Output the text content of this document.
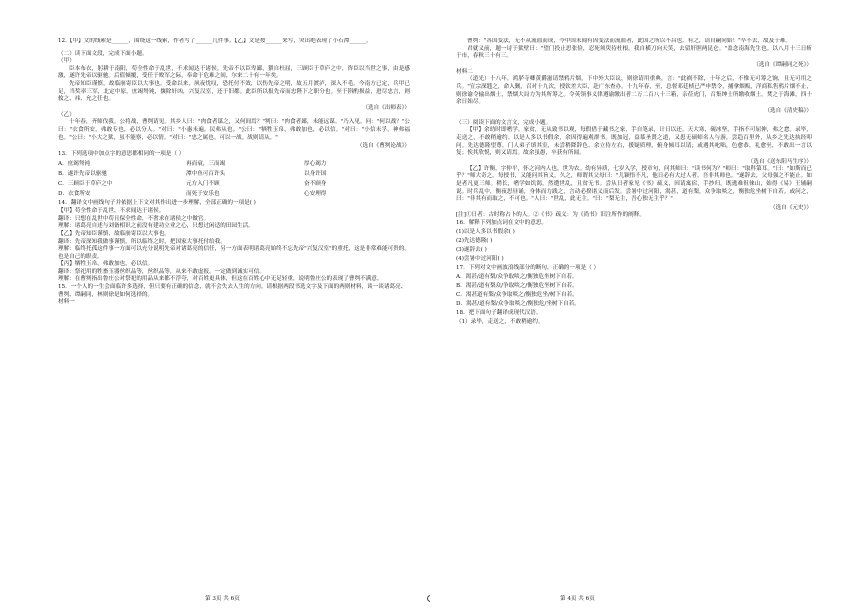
12.【甲】文的线索是______，围绕这一线索，作者写了______几件事。【乙】文是按______来写，突出绝表现了小石潭______。

（二）读下面文段，完成下面小题。

（甲）

臣本布衣，躬耕于南阳，苟全性命于乱世，不求闻达于诸侯。先帝不以臣卑鄙，猥自枉屈，三顾臣于草庐之中，咨臣以当世之事，由是感激，遂许先帝以驱驰。后值倾覆，受任于败军之际，奉命于危难之间，尔来二十有一年矣。

先帝知臣谨慎，故临崩寄臣以大事也。受命以来，夙夜忧叹，恐托付不效，以伤先帝之明，故五月渡泸，深入不毛。今南方已定，兵甲已足，当奖率三军，北定中原，庶竭驽钝，攘除奸凶，兴复汉室，还于旧都。此臣所以报先帝而忠陛下之职分也。至于斟酌损益，进尽忠言，则攸之、祎、允之任也。

（选自《出师表》）

（乙）

十年春，齐师伐我。公将战，曹刿请见。其乡人曰："肉食者谋之，又何间焉？"刿曰："肉食者鄙，未能远谋。"乃入见。问："何以战？"公曰："衣食所安，弗敢专也，必以分人。"对曰："小惠未遍，民弗从也。"公曰："牺牲玉帛，弗敢加也，必以信。"对曰："小信未孚，神弗福也。"公曰："小大之狱，虽不能察，必以情。"对曰："忠之属也。可以一战。战则请从。"

（选自《曹刿论战》）

13．下列选项中加点字的意思都相同的一项是（ ）

A．庶竭驽钝	再而衰，三而竭	厚心竭力
B．遂许先帝以驱驰	潭中鱼可百许头	以身许国
C．三顾臣于草庐之中	元方入门不顾	奋不顾身
D．衣食所安	而死于安乐也	心安理得

14．翻译文中画线句子并依据上下文对其作出进一步理解，全部正确的一项是( )

【甲】苟全性命于乱世，不求闻达于诸侯。

翻译：只想在乱世中苟且保全性命，不奢求在诸侯之中做官。

理解：诸葛亮自述与刘备相识之前没有建功立业之心，只想过闲适的田园生活。

【乙】先帝知臣谨慎，故临崩寄臣以大事也。

翻译：先帝深知我做事谨慎，所以临终之时，把国家大事托付给我。

理解：临终托孤这件事一方面可以充分说明先帝对诸葛亮的信任，另一方面表明诸葛亮始终不忘先帝"兴复汉室"的重托，这是非常难能可贵的。也是自己的职责。

【丙】牺牲玉帛，弗敢加也，必以信。

翻译：祭祀用的牲畜玉器丝织品等，丝织品等，从来不敢虚报，一定做到诚实可信。

理解：在曹刿指出鲁庄公对祭祀的用品从来都不浮夸，对百姓更具体，但这在百姓心中无足轻重，说明鲁庄公的表现了曹刿不满意。

15．一个人的一生会面临许多选择，但只要有正确的信念，就不会失去人生的方向。请根据两段书选文字及下面的两则材料，谈一谈诸葛亮、曹刿、谭嗣同，林则徐是如何选择的。

材料一

第 3页 共 6页

曹刿："各国变法，无不从流血而成，今中国未闻有因变法而流血者，此国之所以不昌也。有之，请自嗣同始！"卒不去，故及于难。

君就义前，题一诗于狱壁曰："望门投止思张俭，忍死须臾待杜根。我自横刀向天笑，去留肝胆两昆仑。"盖念南海先生也。以八月十三日斩于市，春秋三十有三。

（选自《谭嗣同之死》）

材料二

（道光）十八年，鸿胪寺卿黄爵滋请禁鸦片烟，下中外大臣议，则徐请用重典，言："此祸不除，十年之后，不惟无可筹之饷，且无可用之兵。"宣宗深韪之，命入觐，召对十九次，授钦差大臣，赴广东查办。十九年春，至，总督邓廷桢已严申禁令，捕拿烟贩，洋商私售鸦片烟不止，则徐谕令输出烟土，禁烟大局力为其所筹之。令英领事义律遵谕缴出者二万二百八十三箱，亲莅虎门，召集绅士所缴收烟土，焚之于海滩，四十余日始尽。

（选自《清史稿》）

（三）阅读下面的文言文，完成小题。

【甲】余幼时即嗜学。家贫，无从致书以观，每假借于藏书之家，手自笔录，计日以还。天大寒，砚冰坚，手指不可屈伸，弗之怠。录毕，走送之，不敢稍逾约。以是人多以书假余，余因得遍观群书。既加冠，益慕圣贤之道，又患无硕师名人与游，尝趋百里外，从乡之先达执经叩问。先达德隆望尊，门人弟子填其室，未尝稍降辞色。余立侍左右，援疑质理，俯身倾耳以请；或遇其叱咄，色愈恭，礼愈至，不敢出一言以复；俟其欣悦，则又请焉。故余虽愚，卒获有所闻。

（选自《送东阳马生序》）

【乙】许衡，字仲平，怀之河内人也，世为农。幼有异质，七岁入学，授章句，问其师曰："读书何为？"师曰："取科第耳。"曰："如斯而已乎？"师大奇之。每授书，又能问其旨义。久之，师谓其父母曰："儿颖悟不凡，他日必有大过人者，吾非其师也。"遂辞去，父母强之不能止。如是者凡更三师。稍长，嗜学如饥渴，然遭世乱，且贫无书。尝从日者家见《书》疏义，因请寓宿，手抄归。既逃难徂徕山，始得《易》王辅嗣说。时兵乱中，衡夜思昼诵，身体而力践之，言动必揆诸义而后发。尝暑中过河阳，渴甚，道有梨，众争取啖之，衡独危坐树下自若。或问之，曰："非其有而取之，不可也。"人曰："世乱，此无主。"曰："梨无主，吾心独无主乎？"

（选自《元史》）

[注]①日者：古时称占卜的人。②《书》疏义：为《尚书》旧注所作的阐释。

16．解释下列加点词在文中的意思。

(1)以是人多以书假余( )

(2)先达德隆( )

(3)遂辞去( )

(4)尝暑中过河阳( )

17．下列对文中画波浪线部分的断句，正确的一项是（ ）

A．渴甚/道有梨/众争取啖之/衡独危坐树下自若。

B．渴甚/道有梨众/争取啖之/衡独危坐树下自若。

C．渴甚道有梨/众争取啖之/衡独危坐/树下自若。

D．渴甚/道有梨/众争取啖之/衡独危/坐树下自若。

18．把下面句子翻译成现代汉语。

（1）录毕，走送之，不敢稍逾约。

第 4页 共 6页
